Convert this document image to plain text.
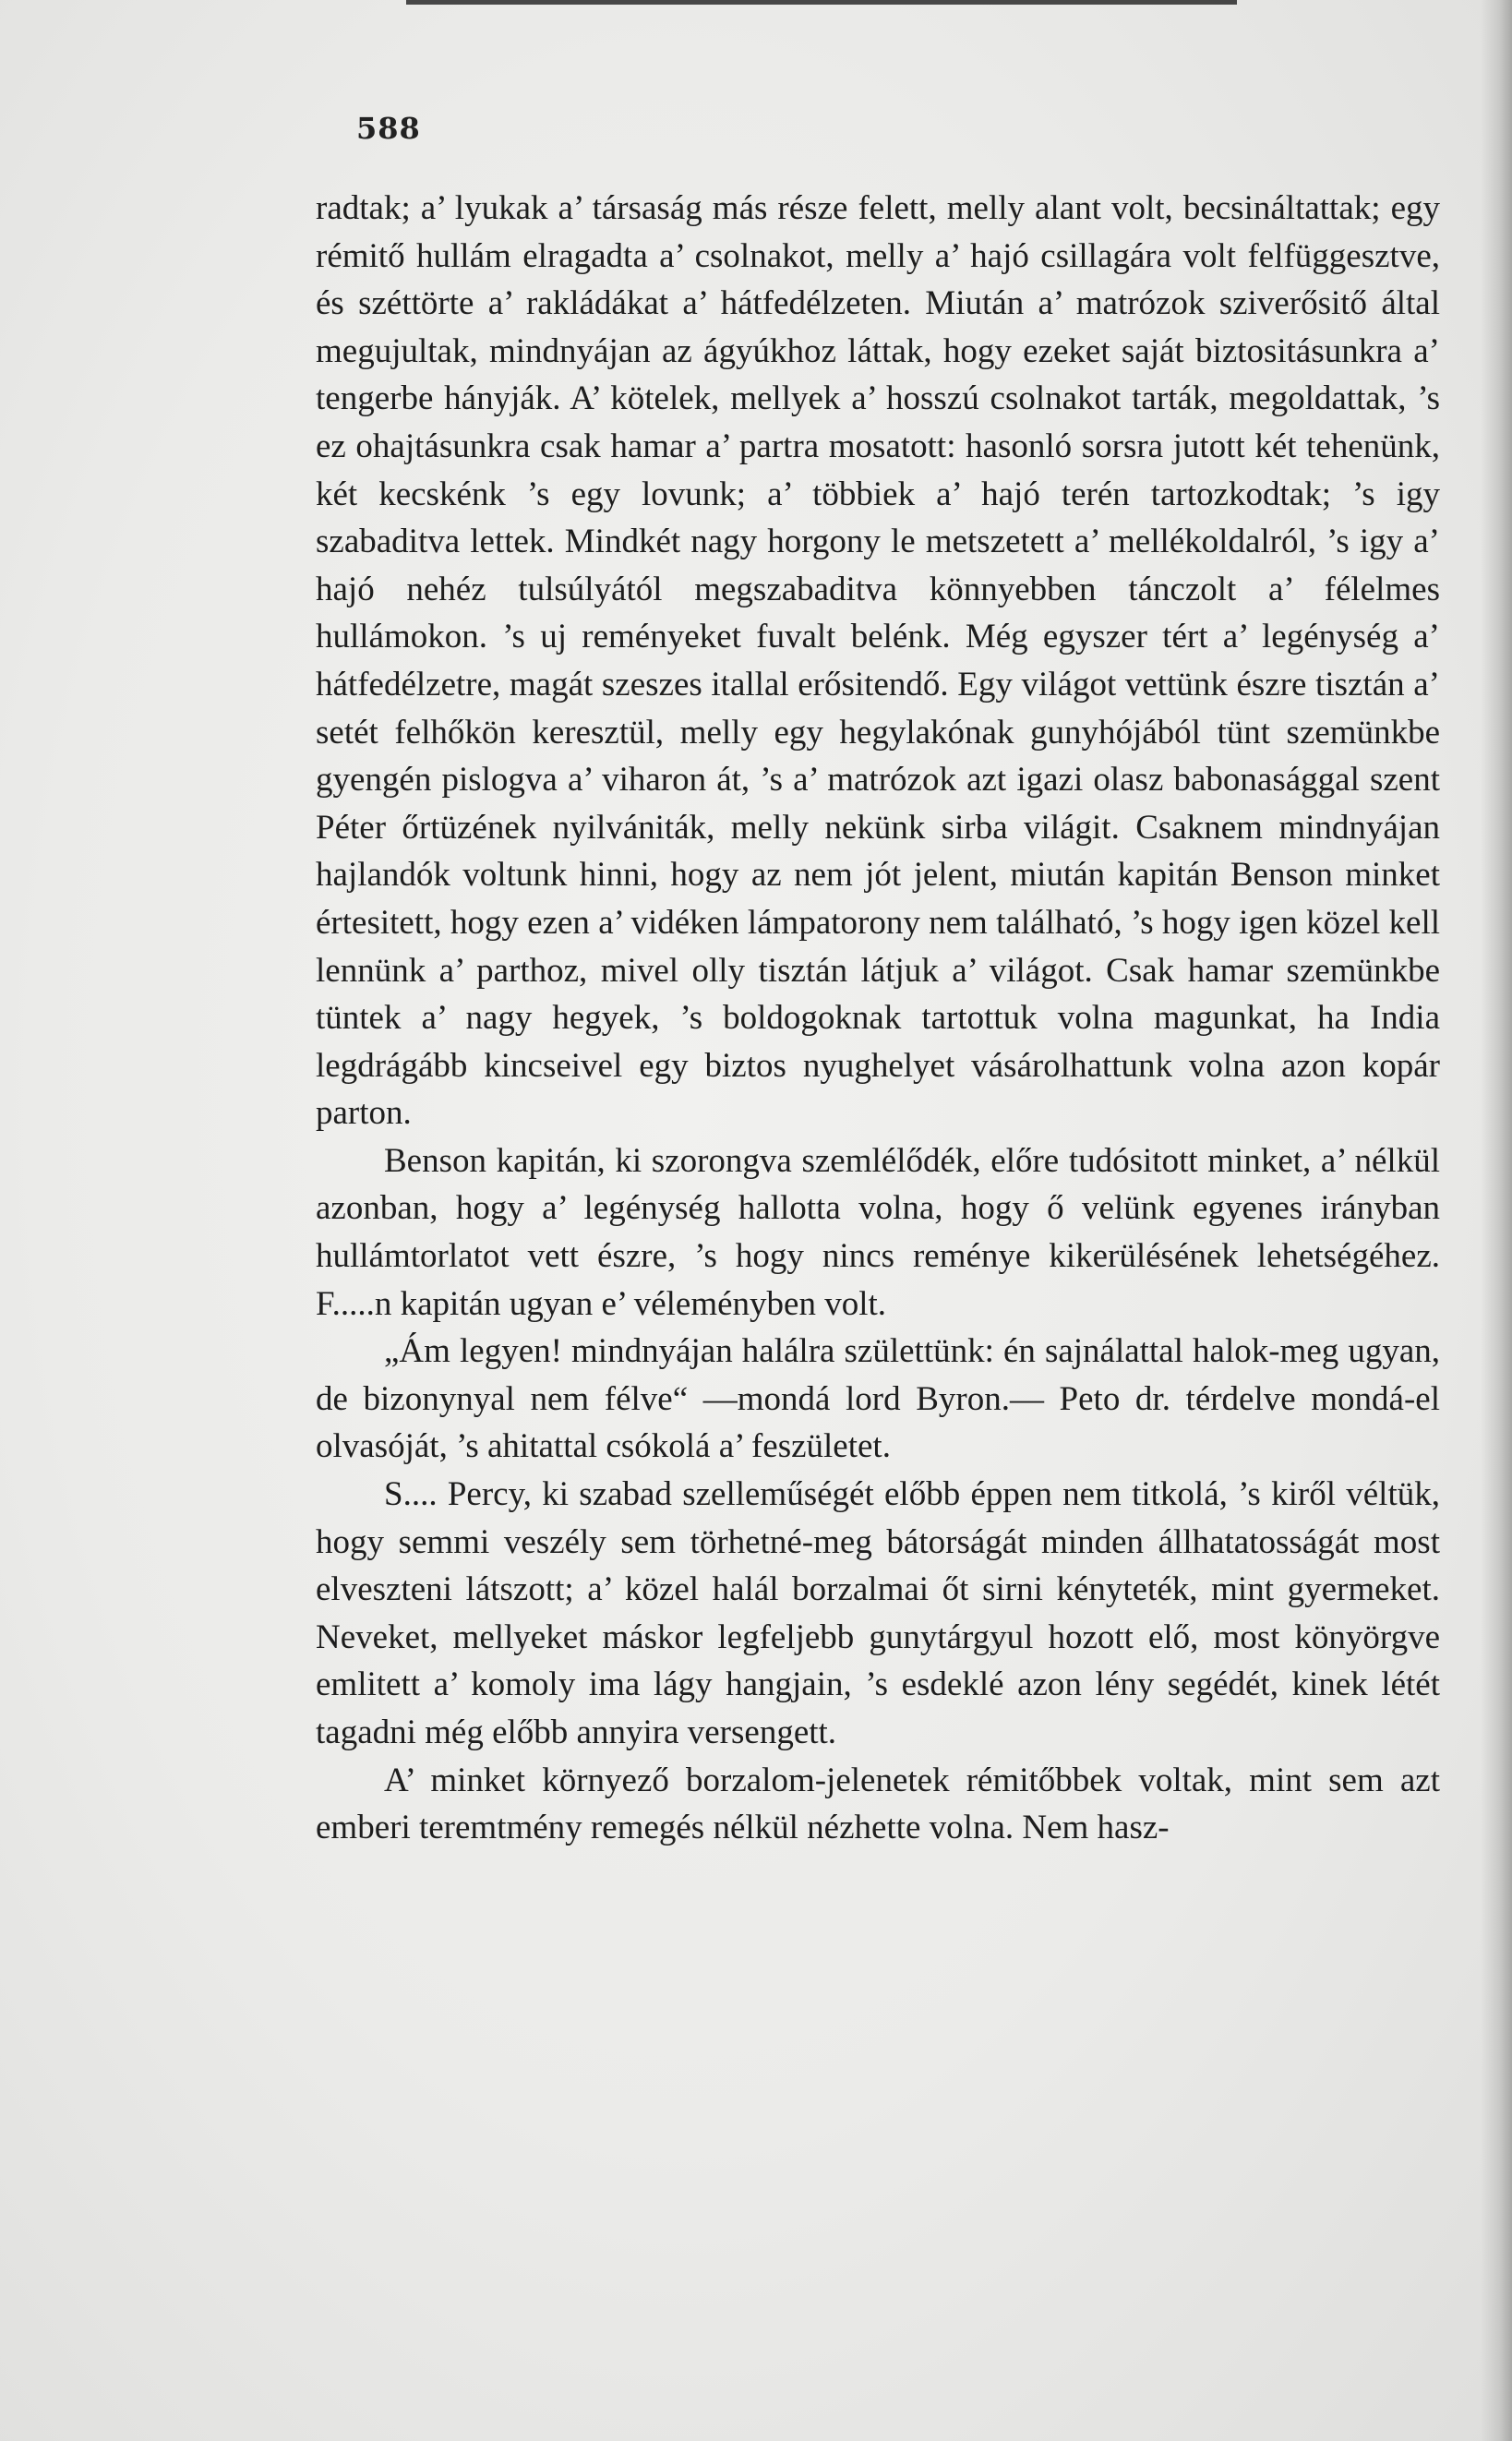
588

radtak; a’ lyukak a’ társaság más része felett, melly alant volt, becsináltattak; egy rémitő hullám elragadta a’ csolnakot, melly a’ hajó csillagára volt felfüggesztve, és széttörte a’ rakládákat a’ hátfedélzeten. Miután a’ matrózok sziverősitő által megujultak, mindnyájan az ágyúkhoz láttak, hogy ezeket saját biztositásunkra a’ tengerbe hányják. A’ kötelek, mellyek a’ hosszú csolnakot tarták, megoldattak, ’s ez ohajtásunkra csak hamar a’ partra mosatott: hasonló sorsra jutott két tehenünk, két kecskénk ’s egy lovunk; a’ többiek a’ hajó terén tartozkodtak; ’s igy szabaditva lettek. Mindkét nagy horgony le metszetett a’ mellékoldalról, ’s igy a’ hajó nehéz tulsúlyától megszabaditva könnyebben tánczolt a’ félelmes hullámokon. ’s uj reményeket fuvalt belénk. Még egyszer tért a’ legénység a’ hátfedélzetre, magát szeszes itallal erősitendő. Egy világot vettünk észre tisztán a’ setét felhőkön keresztül, melly egy hegylakónak gunyhójából tünt szemünkbe gyengén pislogva a’ viharon át, ’s a’ matrózok azt igazi olasz babonasággal szent Péter őrtüzének nyilvániták, melly nekünk sirba világit. Csaknem mindnyájan hajlandók voltunk hinni, hogy az nem jót jelent, miután kapitán Benson minket értesitett, hogy ezen a’ vidéken lámpatorony nem található, ’s hogy igen közel kell lennünk a’ parthoz, mivel olly tisztán látjuk a’ világot. Csak hamar szemünkbe tüntek a’ nagy hegyek, ’s boldogoknak tartottuk volna magunkat, ha India legdrágább kincseivel egy biztos nyughelyet vásárolhattunk volna azon kopár parton.

Benson kapitán, ki szorongva szemlélődék, előre tudósitott minket, a’ nélkül azonban, hogy a’ legénység hallotta volna, hogy ő velünk egyenes irányban hullámtorlatot vett észre, ’s hogy nincs reménye kikerülésének lehetségéhez. F.....n kapitán ugyan e’ véleményben volt.

„Ám legyen! mindnyájan halálra születtünk: én sajnálattal halok-meg ugyan, de bizonynyal nem félve“ —mondá lord Byron.— Peto dr. térdelve mondá-el olvasóját, ’s ahitattal csókolá a’ feszületet.

S.... Percy, ki szabad szelleműségét előbb éppen nem titkolá, ’s kiről véltük, hogy semmi veszély sem törhetné-meg bátorságát minden állhatatosságát most elveszteni látszott; a’ közel halál borzalmai őt sirni kényteték, mint gyermeket. Neveket, mellyeket máskor legfeljebb gunytárgyul hozott elő, most könyörgve emlitett a’ komoly ima lágy hangjain, ’s esdeklé azon lény segédét, kinek létét tagadni még előbb annyira versengett.

A’ minket környező borzalom-jelenetek rémitőbbek voltak, mint sem azt emberi teremtmény remegés nélkül nézhette volna. Nem hasz-
